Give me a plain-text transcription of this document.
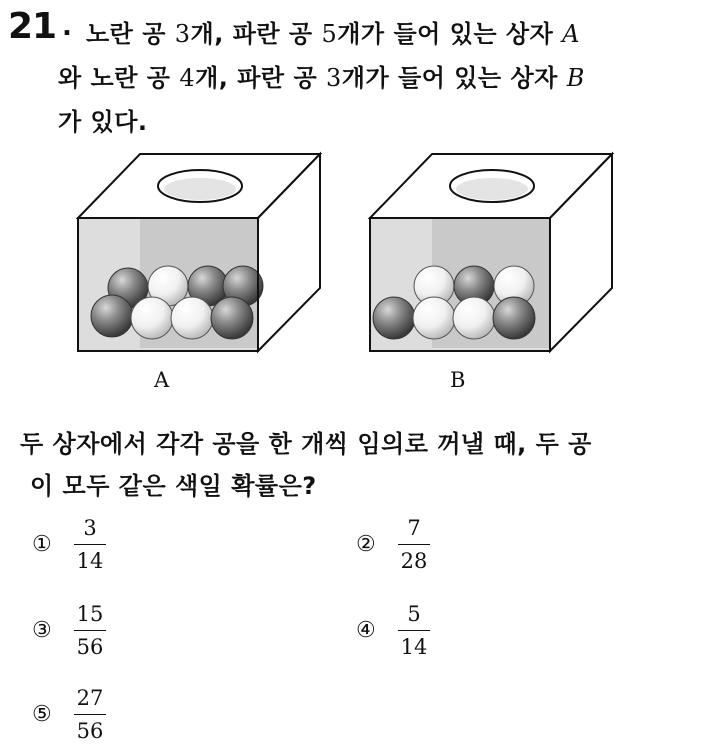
21 . 노란 공 3개, 파란 공 5개가 들어 있는 상자 A
와 노란 공 4개, 파란 공 3개가 들어 있는 상자 B
가 있다.
A	B
두 상자에서 각각 공을 한 개씩 임의로 꺼낼 때, 두 공
이 모두 같은 색일 확률은?
①	$\frac{3}{14}$	②	$\frac{7}{28}$
③	$\frac{15}{56}$	④	$\frac{5}{14}$
⑤	$\frac{27}{56}$
